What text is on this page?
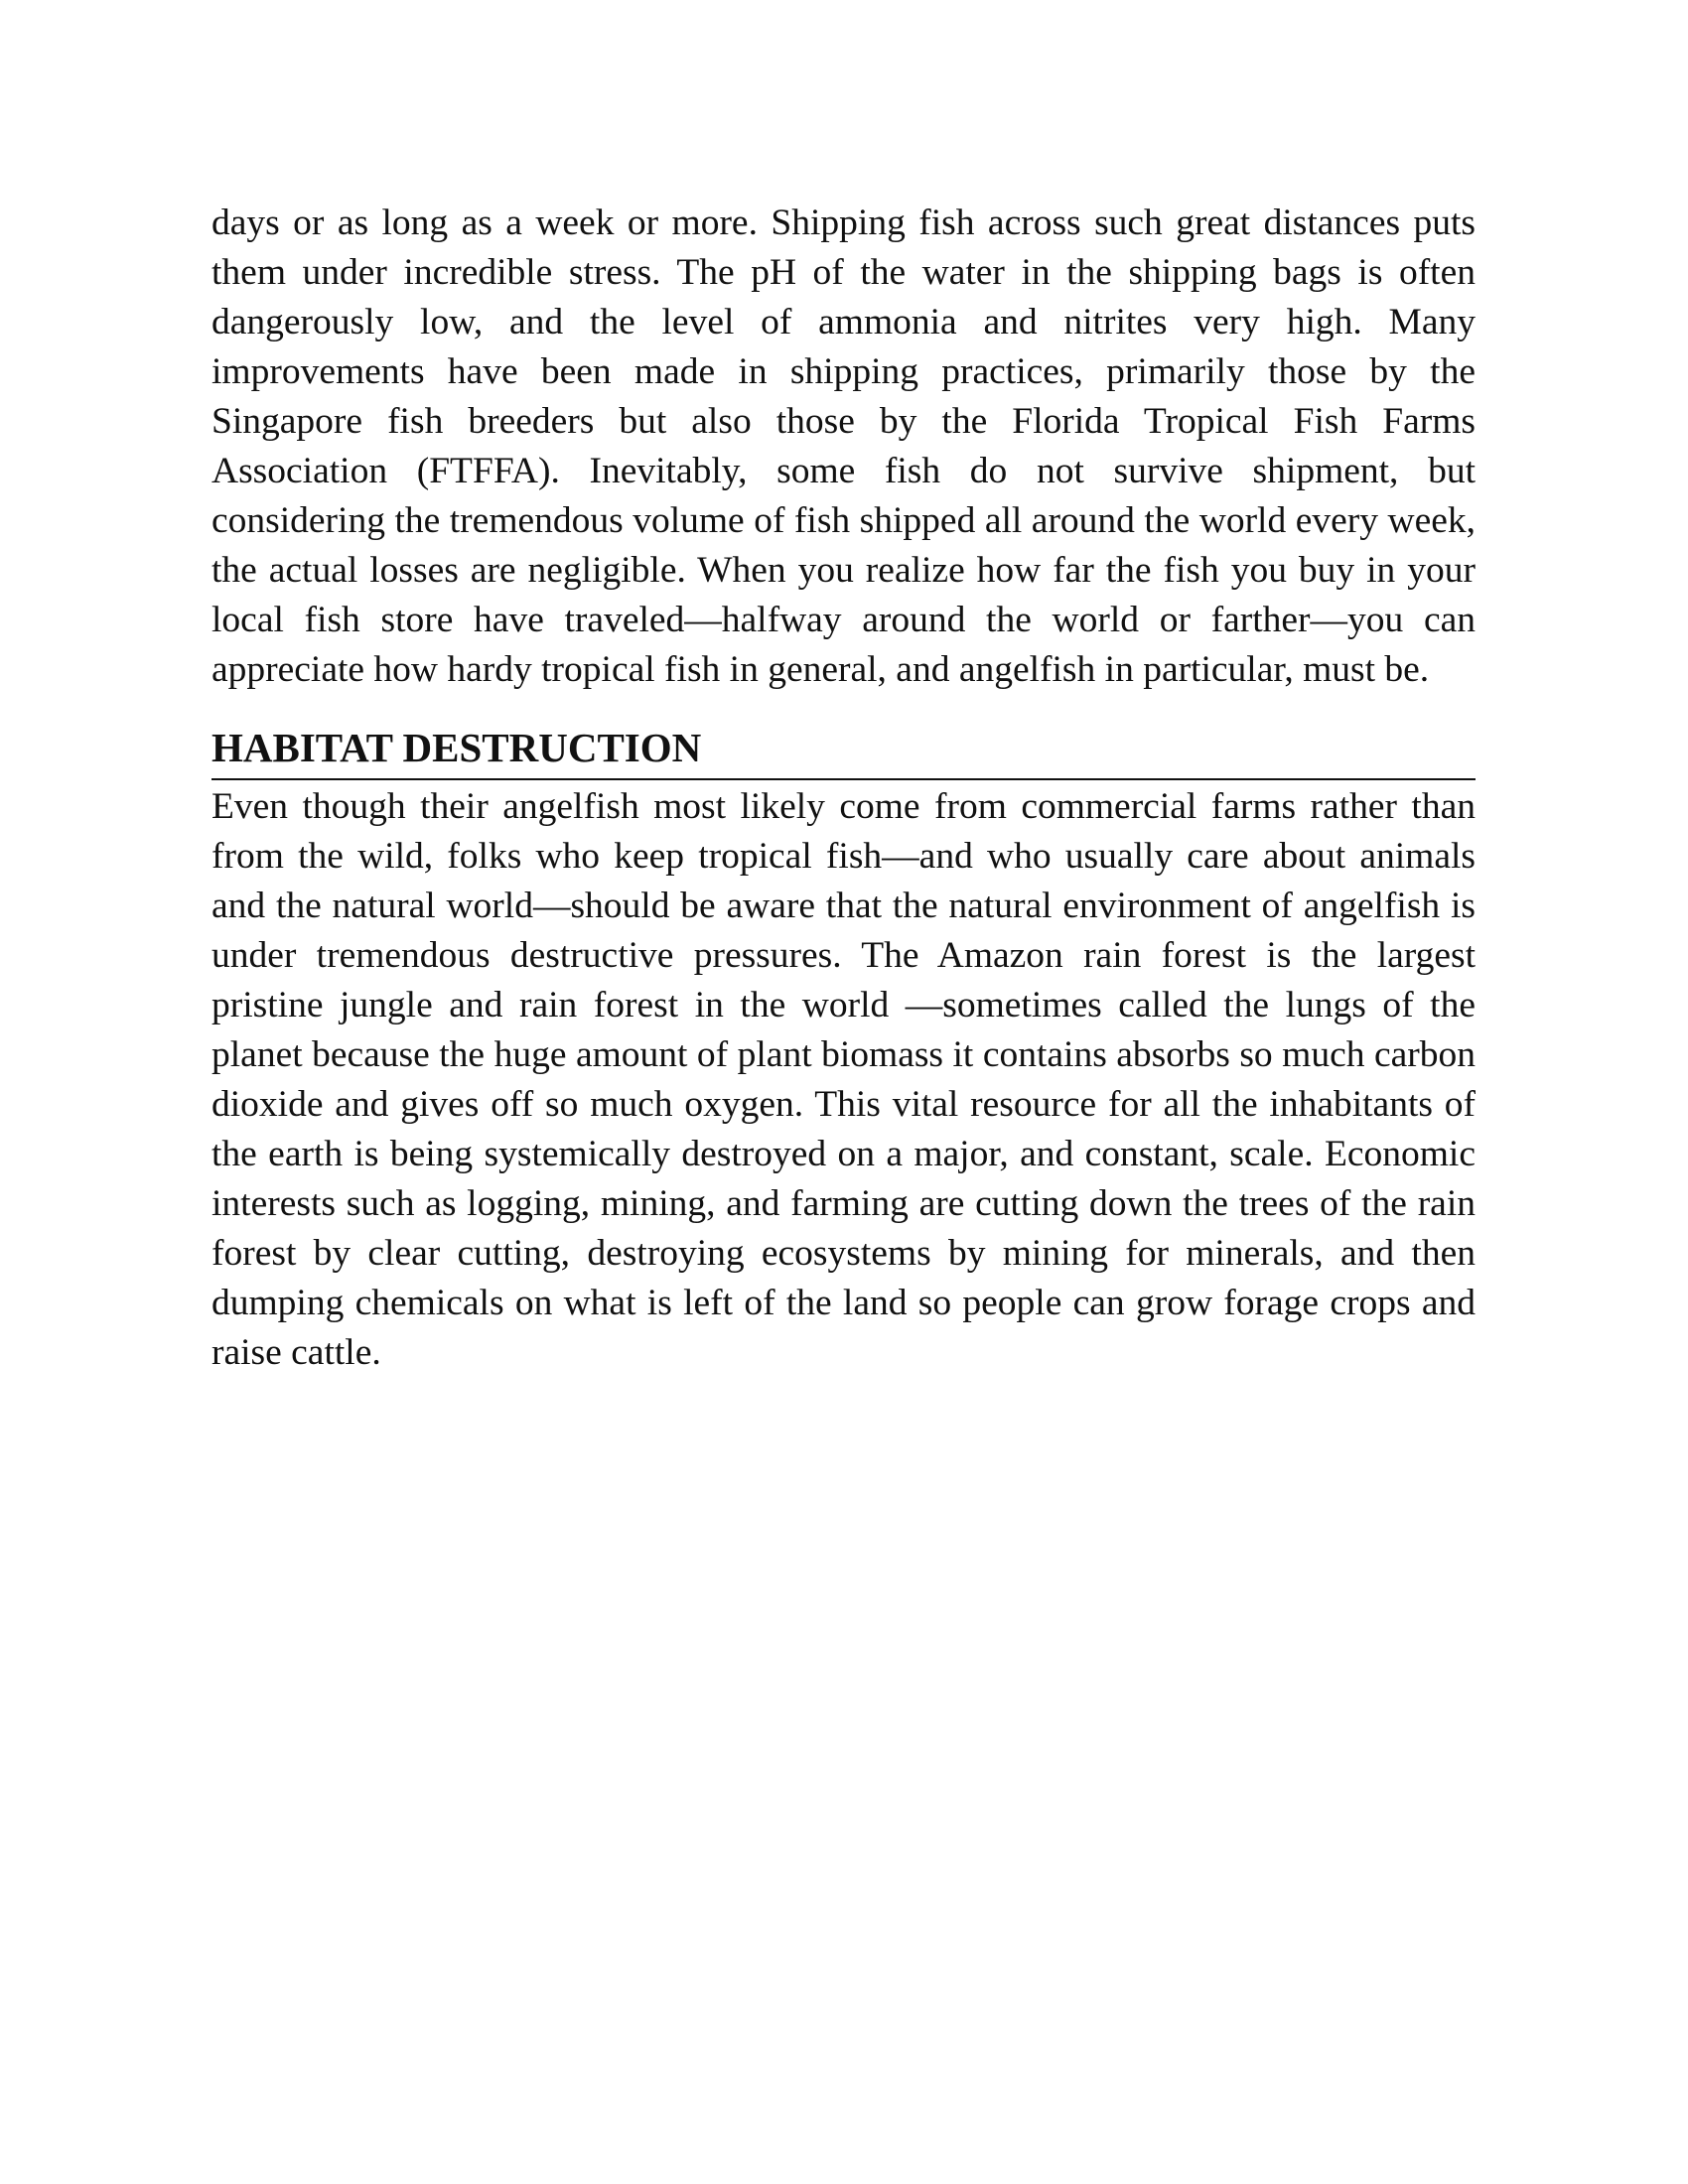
days or as long as a week or more. Shipping fish across such great distances puts them under incredible stress. The pH of the water in the shipping bags is often dangerously low, and the level of ammonia and nitrites very high. Many improvements have been made in shipping practices, primarily those by the Singapore fish breeders but also those by the Florida Tropical Fish Farms Association (FTFFA). Inevitably, some fish do not survive shipment, but considering the tremendous volume of fish shipped all around the world every week, the actual losses are negligible. When you realize how far the fish you buy in your local fish store have traveled—halfway around the world or farther—you can appreciate how hardy tropical fish in general, and angelfish in particular, must be.

HABITAT DESTRUCTION

Even though their angelfish most likely come from commercial farms rather than from the wild, folks who keep tropical fish—and who usually care about animals and the natural world—should be aware that the natural environment of angelfish is under tremendous destructive pressures. The Amazon rain forest is the largest pristine jungle and rain forest in the world —sometimes called the lungs of the planet because the huge amount of plant biomass it contains absorbs so much carbon dioxide and gives off so much oxygen. This vital resource for all the inhabitants of the earth is being systemically destroyed on a major, and constant, scale. Economic interests such as logging, mining, and farming are cutting down the trees of the rain forest by clear cutting, destroying ecosystems by mining for minerals, and then dumping chemicals on what is left of the land so people can grow forage crops and raise cattle.
